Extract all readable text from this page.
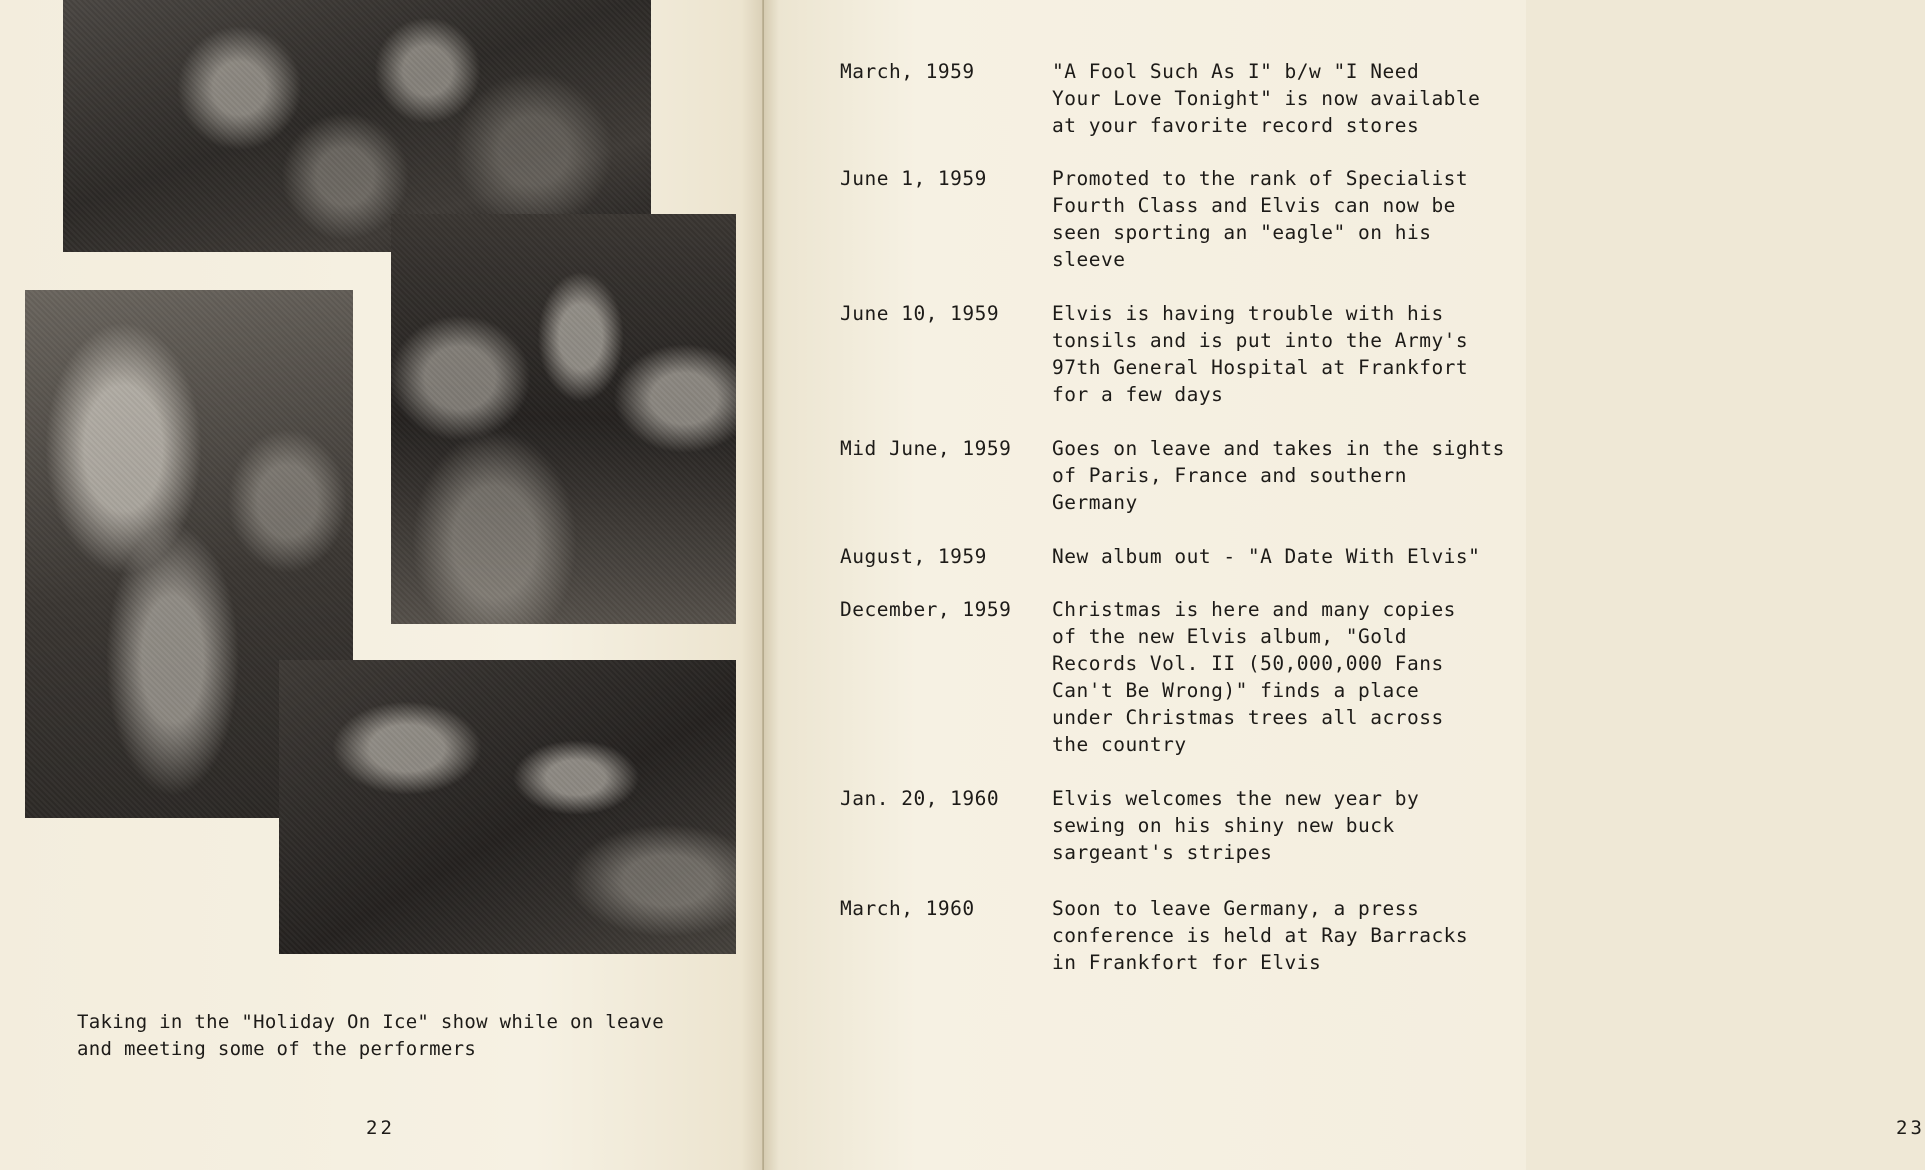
Taking in the "Holiday On Ice" show while on leave
and meeting some of the performers

22	23
March, 1959	"A Fool Such As I" b/w "I Need
Your Love Tonight" is now available
at your favorite record stores
June 1, 1959	Promoted to the rank of Specialist
Fourth Class and Elvis can now be
seen sporting an "eagle" on his
sleeve
June 10, 1959	Elvis is having trouble with his
tonsils and is put into the Army's
97th General Hospital at Frankfort
for a few days
Mid June, 1959	Goes on leave and takes in the sights
of Paris, France and southern
Germany
August, 1959	New album out - "A Date With Elvis"
December, 1959	Christmas is here and many copies
of the new Elvis album, "Gold
Records Vol. II (50,000,000 Fans
Can't Be Wrong)" finds a place
under Christmas trees all across
the country
Jan. 20, 1960	Elvis welcomes the new year by
sewing on his shiny new buck
sargeant's stripes
March, 1960	Soon to leave Germany, a press
conference is held at Ray Barracks
in Frankfort for Elvis
